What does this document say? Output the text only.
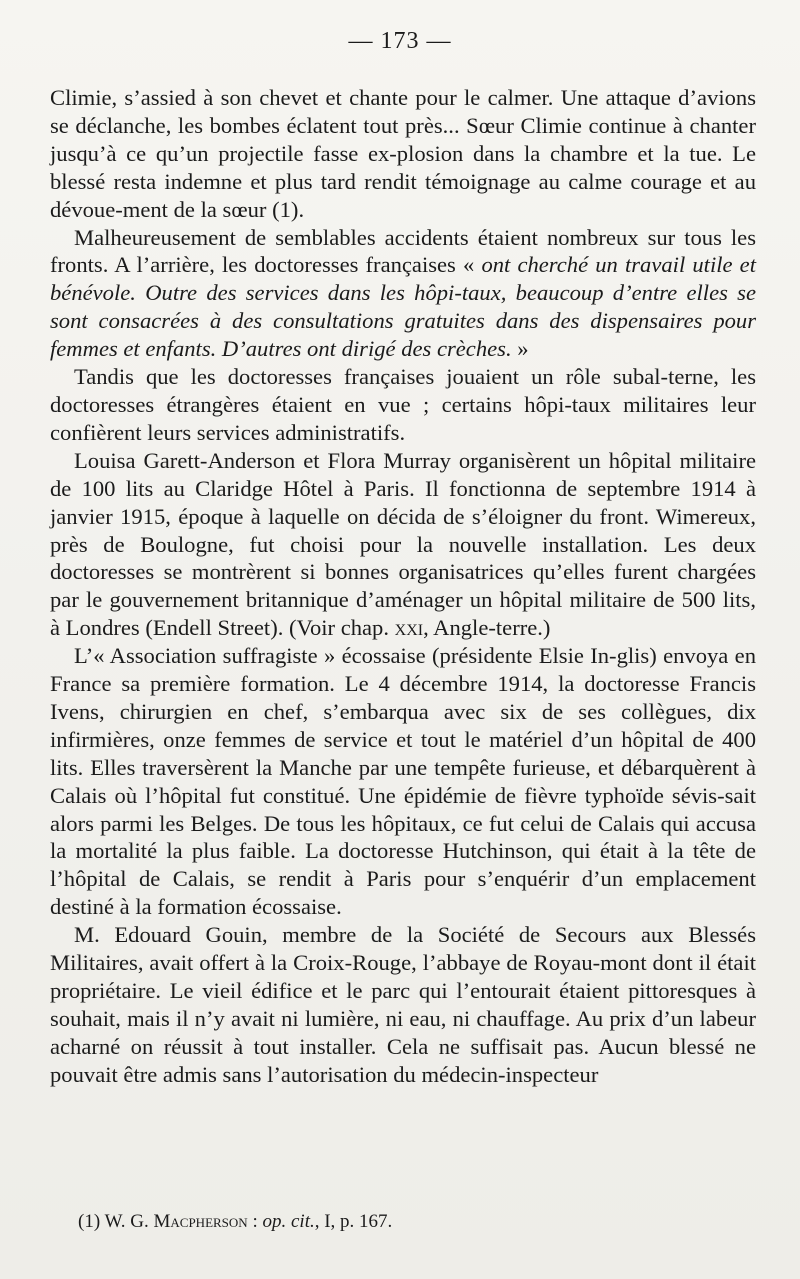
— 173 —

Climie, s’assied à son chevet et chante pour le calmer. Une attaque d’avions se déclanche, les bombes éclatent tout près... Sœur Climie continue à chanter jusqu’à ce qu’un projectile fasse ex-plosion dans la chambre et la tue. Le blessé resta indemne et plus tard rendit témoignage au calme courage et au dévoue-ment de la sœur (1).

Malheureusement de semblables accidents étaient nombreux sur tous les fronts. A l’arrière, les doctoresses françaises « ont cherché un travail utile et bénévole. Outre des services dans les hôpi-taux, beaucoup d’entre elles se sont consacrées à des consultations gratuites dans des dispensaires pour femmes et enfants. D’autres ont dirigé des crèches. »

Tandis que les doctoresses françaises jouaient un rôle subal-terne, les doctoresses étrangères étaient en vue ; certains hôpi-taux militaires leur confièrent leurs services administratifs.

Louisa Garett-Anderson et Flora Murray organisèrent un hôpital militaire de 100 lits au Claridge Hôtel à Paris. Il fonctionna de septembre 1914 à janvier 1915, époque à laquelle on décida de s’éloigner du front. Wimereux, près de Boulogne, fut choisi pour la nouvelle installation. Les deux doctoresses se montrèrent si bonnes organisatrices qu’elles furent chargées par le gouvernement britannique d’aménager un hôpital militaire de 500 lits, à Londres (Endell Street). (Voir chap. xxi, Angle-terre.)

L’« Association suffragiste » écossaise (présidente Elsie In-glis) envoya en France sa première formation. Le 4 décembre 1914, la doctoresse Francis Ivens, chirurgien en chef, s’embarqua avec six de ses collègues, dix infirmières, onze femmes de service et tout le matériel d’un hôpital de 400 lits. Elles traversèrent la Manche par une tempête furieuse, et débarquèrent à Calais où l’hôpital fut constitué. Une épidémie de fièvre typhoïde sévis-sait alors parmi les Belges. De tous les hôpitaux, ce fut celui de Calais qui accusa la mortalité la plus faible. La doctoresse Hutchinson, qui était à la tête de l’hôpital de Calais, se rendit à Paris pour s’enquérir d’un emplacement destiné à la formation écossaise.

M. Edouard Gouin, membre de la Société de Secours aux Blessés Militaires, avait offert à la Croix-Rouge, l’abbaye de Royau-mont dont il était propriétaire. Le vieil édifice et le parc qui l’entourait étaient pittoresques à souhait, mais il n’y avait ni lumière, ni eau, ni chauffage. Au prix d’un labeur acharné on réussit à tout installer. Cela ne suffisait pas. Aucun blessé ne pouvait être admis sans l’autorisation du médecin-inspecteur

(1) W. G. Macpherson : op. cit., I, p. 167.
